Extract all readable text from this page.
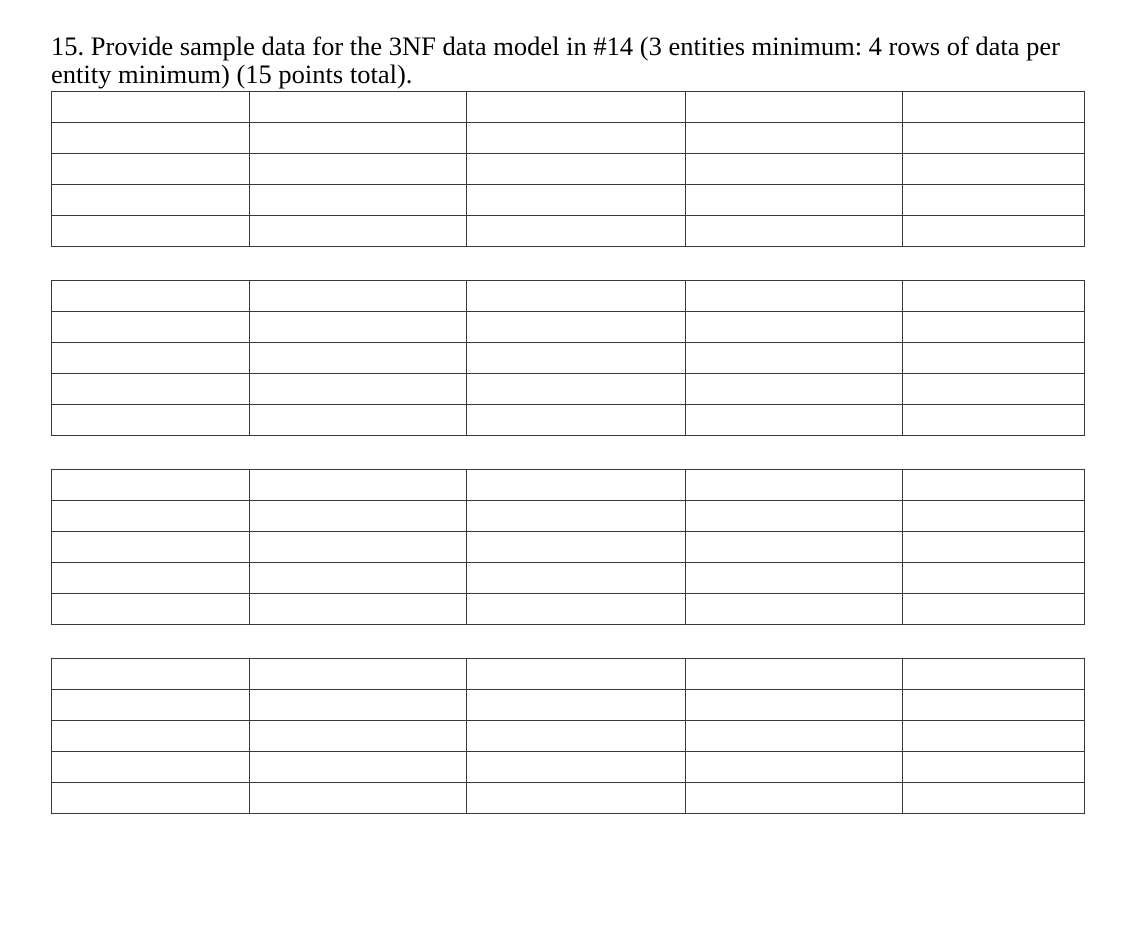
15. Provide sample data for the 3NF data model in #14 (3 entities minimum: 4 rows of data per entity minimum) (15 points total).
